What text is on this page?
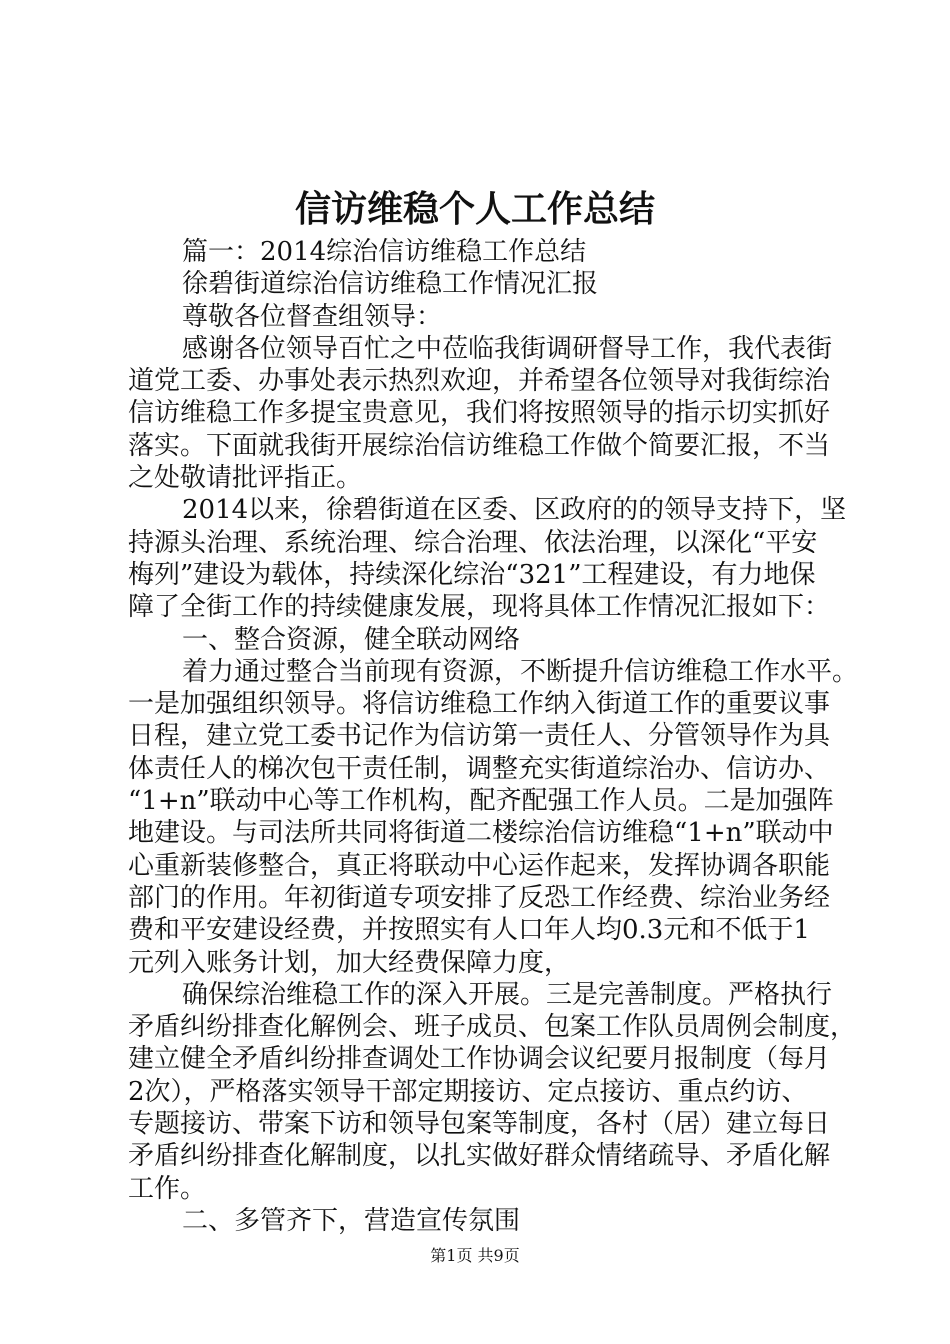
信访维稳个人工作总结
篇一：2014综治信访维稳工作总结
徐碧街道综治信访维稳工作情况汇报
尊敬各位督查组领导：
感谢各位领导百忙之中莅临我街调研督导工作，我代表街
道党工委、办事处表示热烈欢迎，并希望各位领导对我街综治
信访维稳工作多提宝贵意见，我们将按照领导的指示切实抓好
落实。下面就我街开展综治信访维稳工作做个简要汇报，不当
之处敬请批评指正。
2014以来，徐碧街道在区委、区政府的的领导支持下，坚
持源头治理、系统治理、综合治理、依法治理，以深化“平安
梅列”建设为载体，持续深化综治“321”工程建设，有力地保
障了全街工作的持续健康发展，现将具体工作情况汇报如下：
一、整合资源，健全联动网络
着力通过整合当前现有资源，不断提升信访维稳工作水平。
一是加强组织领导。将信访维稳工作纳入街道工作的重要议事
日程，建立党工委书记作为信访第一责任人、分管领导作为具
体责任人的梯次包干责任制，调整充实街道综治办、信访办、
“1+n”联动中心等工作机构，配齐配强工作人员。二是加强阵
地建设。与司法所共同将街道二楼综治信访维稳“1+n”联动中
心重新装修整合，真正将联动中心运作起来，发挥协调各职能
部门的作用。年初街道专项安排了反恐工作经费、综治业务经
费和平安建设经费，并按照实有人口年人均0.3元和不低于1
元列入账务计划，加大经费保障力度，
确保综治维稳工作的深入开展。三是完善制度。严格执行
矛盾纠纷排查化解例会、班子成员、包案工作队员周例会制度，
建立健全矛盾纠纷排查调处工作协调会议纪要月报制度（每月
2次），严格落实领导干部定期接访、定点接访、重点约访、
专题接访、带案下访和领导包案等制度，各村（居）建立每日
矛盾纠纷排查化解制度，以扎实做好群众情绪疏导、矛盾化解
工作。
二、多管齐下，营造宣传氛围
第1页 共9页
